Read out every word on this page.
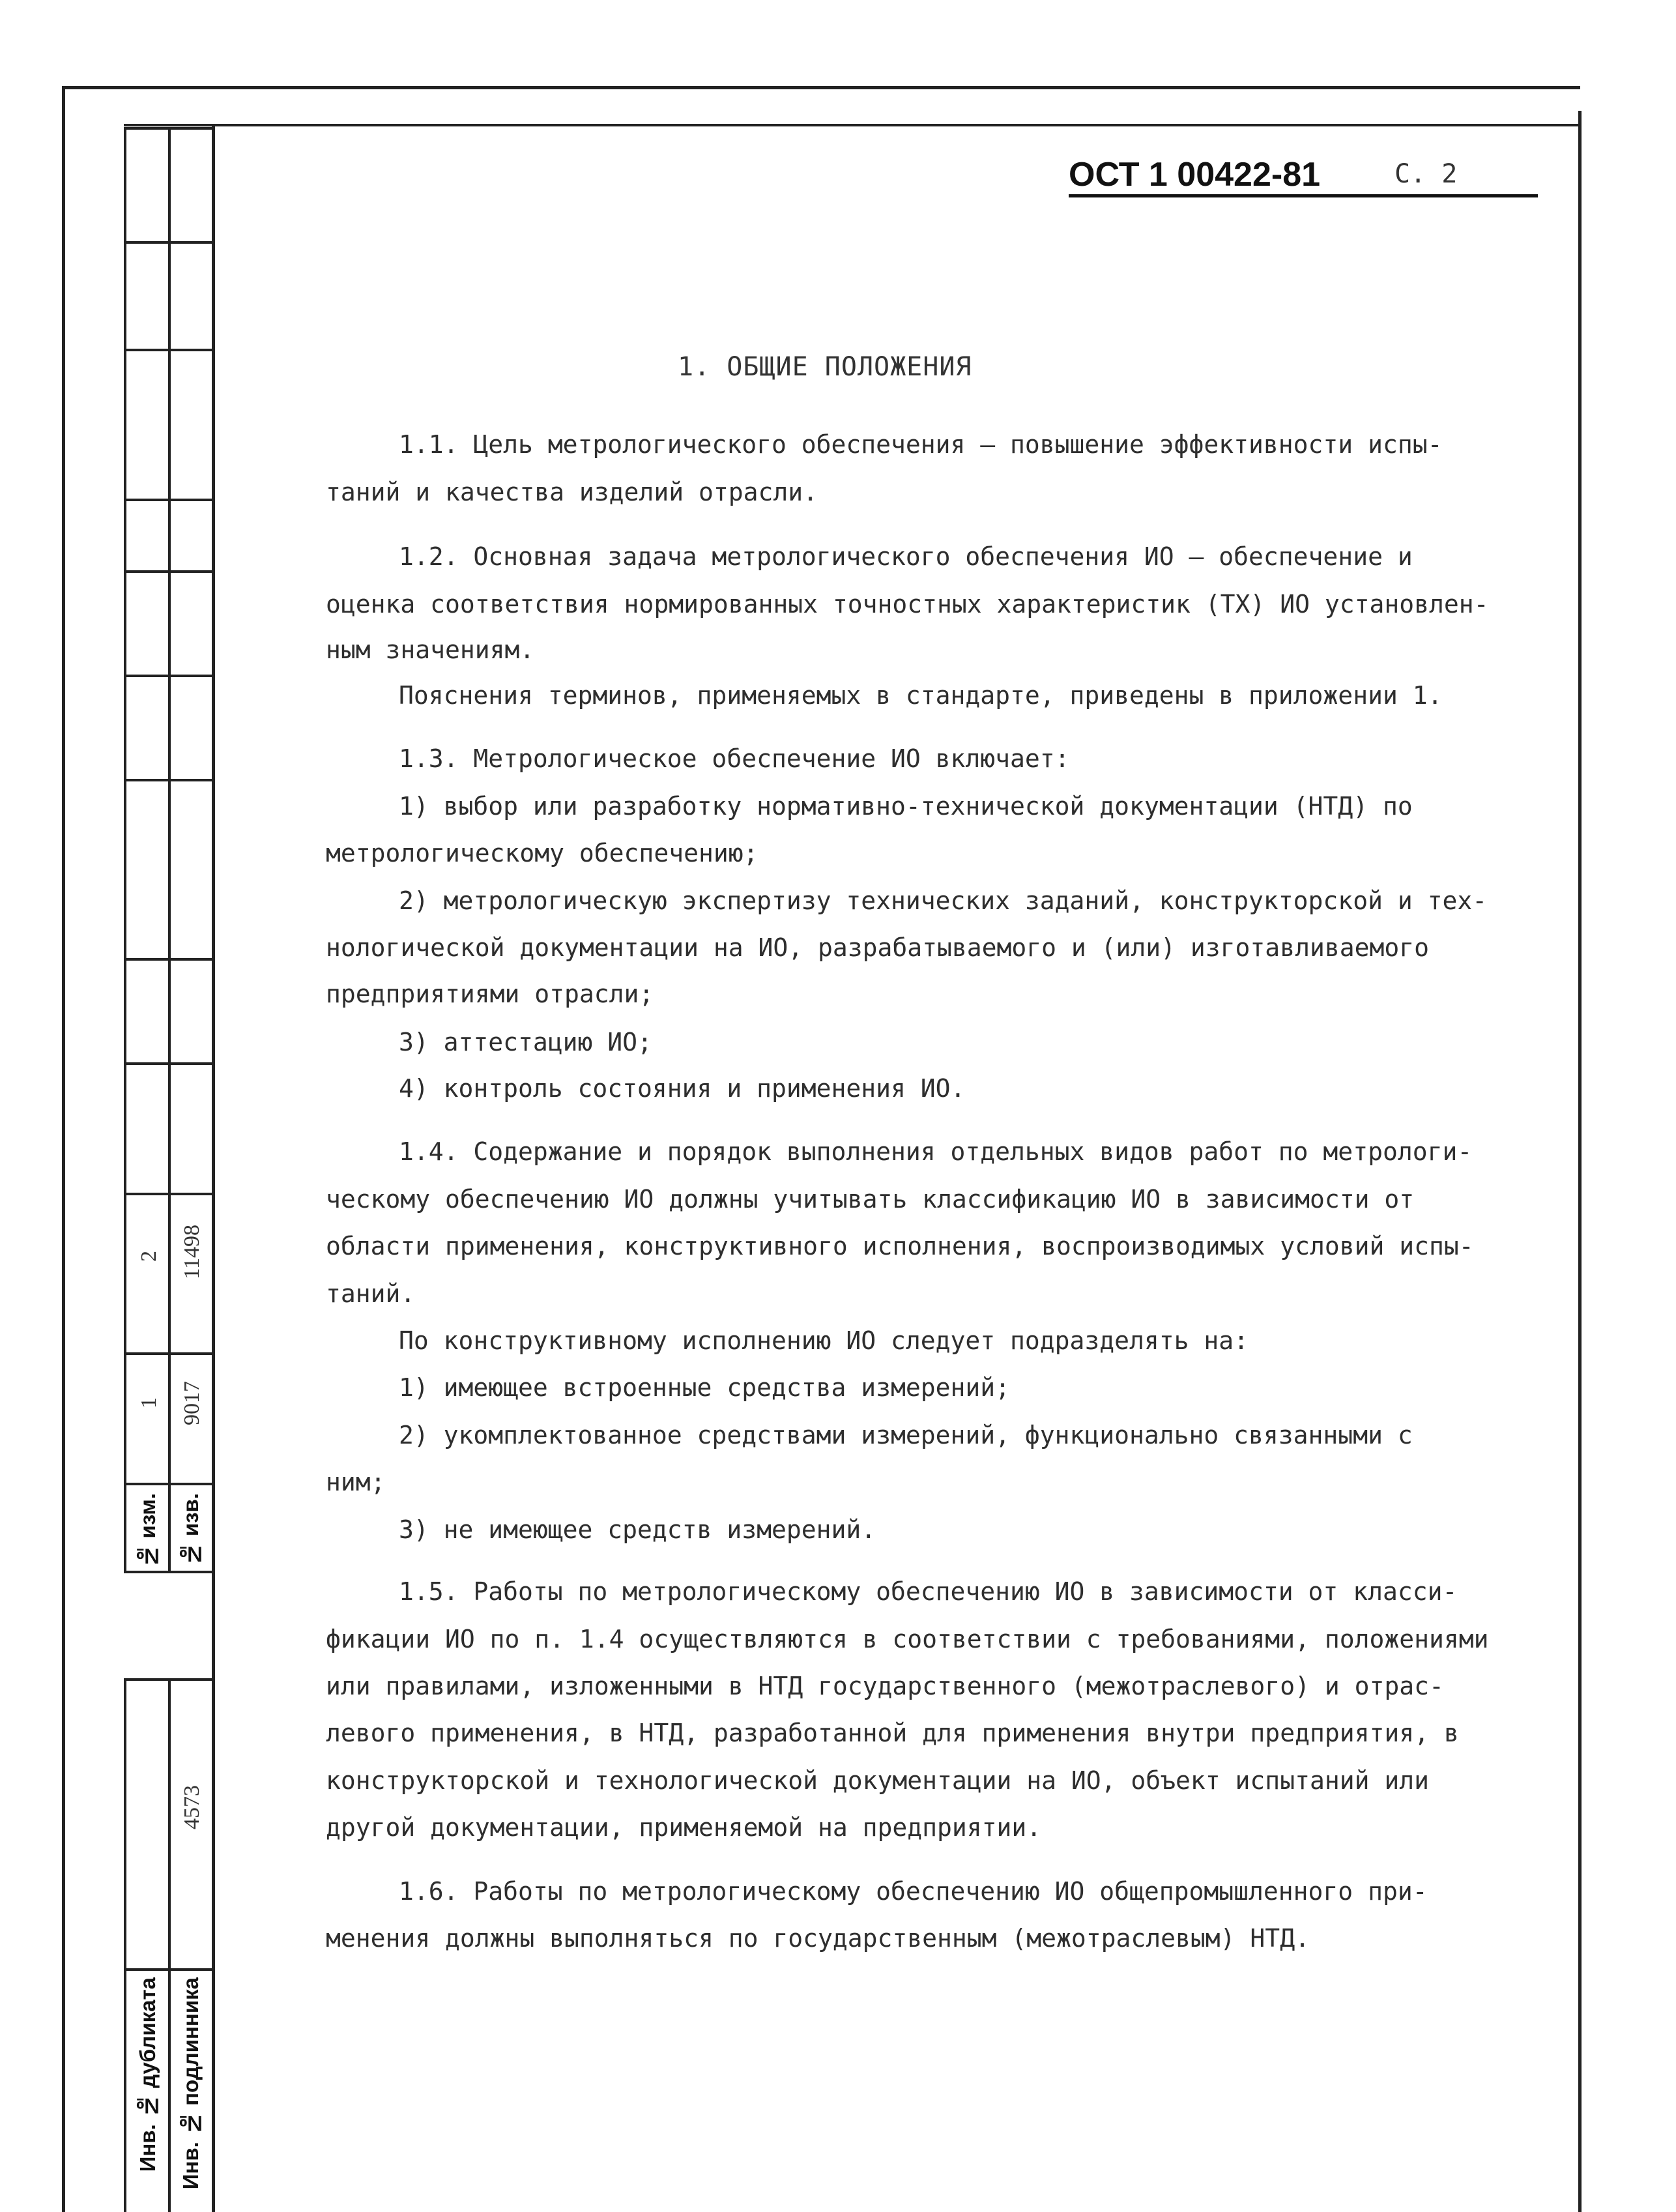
2 11498
1 9017
№ изм. № изв.
4573
Инв. № дубликата Инв. № подлинника
ОСТ 1 00422-81	С. 2
1. ОБЩИЕ ПОЛОЖЕНИЯ
1.1. Цель метрологического обеспечения – повышение эффективности испы-
таний и качества изделий отрасли.
1.2. Основная задача метрологического обеспечения ИО – обеспечение и
оценка соответствия нормированных точностных характеристик (ТХ) ИО установлен-
ным значениям.
Пояснения терминов, применяемых в стандарте, приведены в приложении 1.
1.3. Метрологическое обеспечение ИО включает:
1) выбор или разработку нормативно-технической документации (НТД) по
метрологическому обеспечению;
2) метрологическую экспертизу технических заданий, конструкторской и тех-
нологической документации на ИО, разрабатываемого и (или) изготавливаемого
предприятиями отрасли;
3) аттестацию ИО;
4) контроль состояния и применения ИО.
1.4. Содержание и порядок выполнения отдельных видов работ по метрологи-
ческому обеспечению ИО должны учитывать классификацию ИО в зависимости от
области применения, конструктивного исполнения, воспроизводимых условий испы-
таний.
По конструктивному исполнению ИО следует подразделять на:
1) имеющее встроенные средства измерений;
2) укомплектованное средствами измерений, функционально связанными с
ним;
3) не имеющее средств измерений.
1.5. Работы по метрологическому обеспечению ИО в зависимости от класси-
фикации ИО по п. 1.4 осуществляются в соответствии с требованиями, положениями
или правилами, изложенными в НТД государственного (межотраслевого) и отрас-
левого применения, в НТД, разработанной для применения внутри предприятия, в
конструкторской и технологической документации на ИО, объект испытаний или
другой документации, применяемой на предприятии.
1.6. Работы по метрологическому обеспечению ИО общепромышленного при-
менения должны выполняться по государственным (межотраслевым) НТД.
